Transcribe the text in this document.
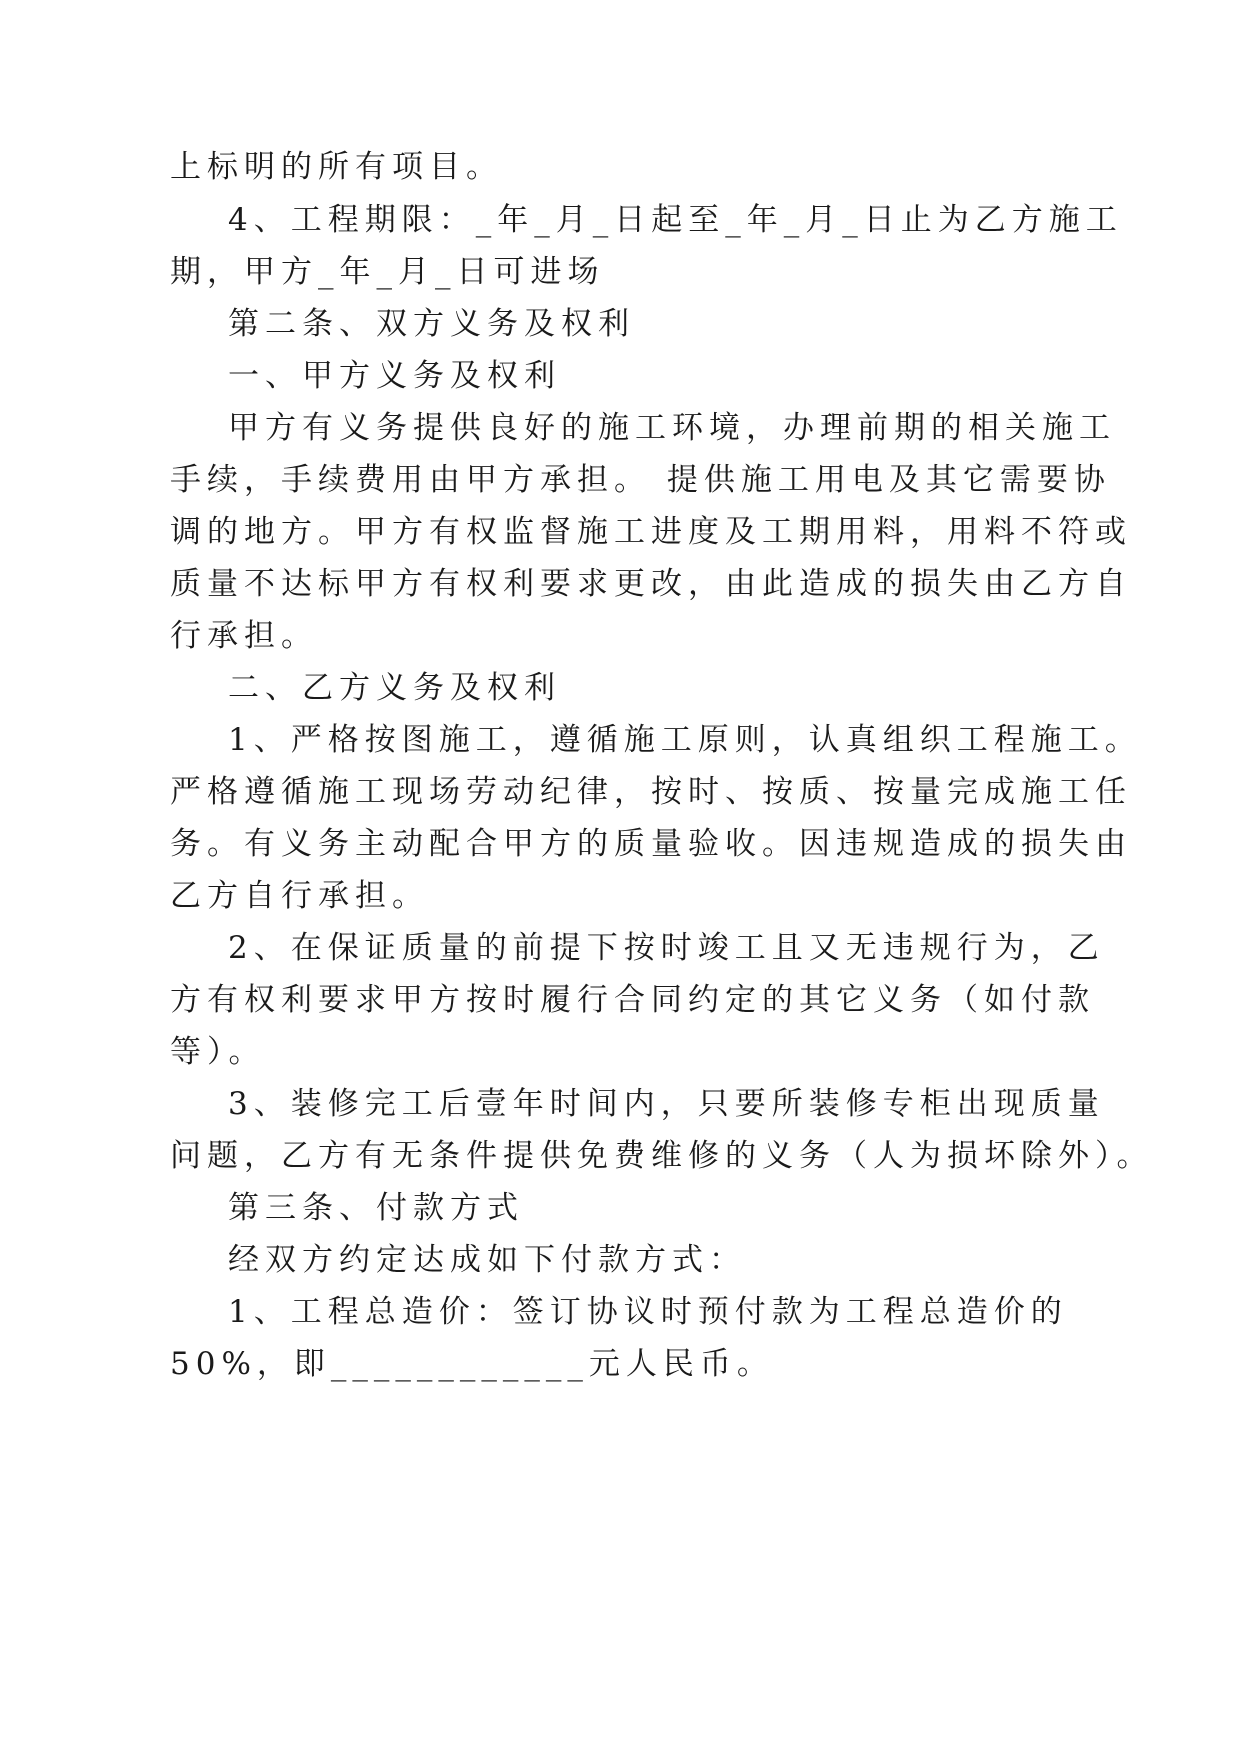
上标明的所有项目。
4、工程期限：_年_月_日起至_年_月_日止为乙方施工
期，甲方_年_月_日可进场
第二条、双方义务及权利
一、甲方义务及权利
甲方有义务提供良好的施工环境，办理前期的相关施工
手续，手续费用由甲方承担。 提供施工用电及其它需要协
调的地方。甲方有权监督施工进度及工期用料，用料不符或
质量不达标甲方有权利要求更改，由此造成的损失由乙方自
行承担。
二、乙方义务及权利
1、严格按图施工，遵循施工原则，认真组织工程施工。
严格遵循施工现场劳动纪律，按时、按质、按量完成施工任
务。有义务主动配合甲方的质量验收。因违规造成的损失由
乙方自行承担。
2、在保证质量的前提下按时竣工且又无违规行为，乙
方有权利要求甲方按时履行合同约定的其它义务（如付款
等）。
3、装修完工后壹年时间内，只要所装修专柜出现质量
问题，乙方有无条件提供免费维修的义务（人为损坏除外）。
第三条、付款方式
经双方约定达成如下付款方式：
1、工程总造价：签订协议时预付款为工程总造价的
50%，即____________元人民币。
